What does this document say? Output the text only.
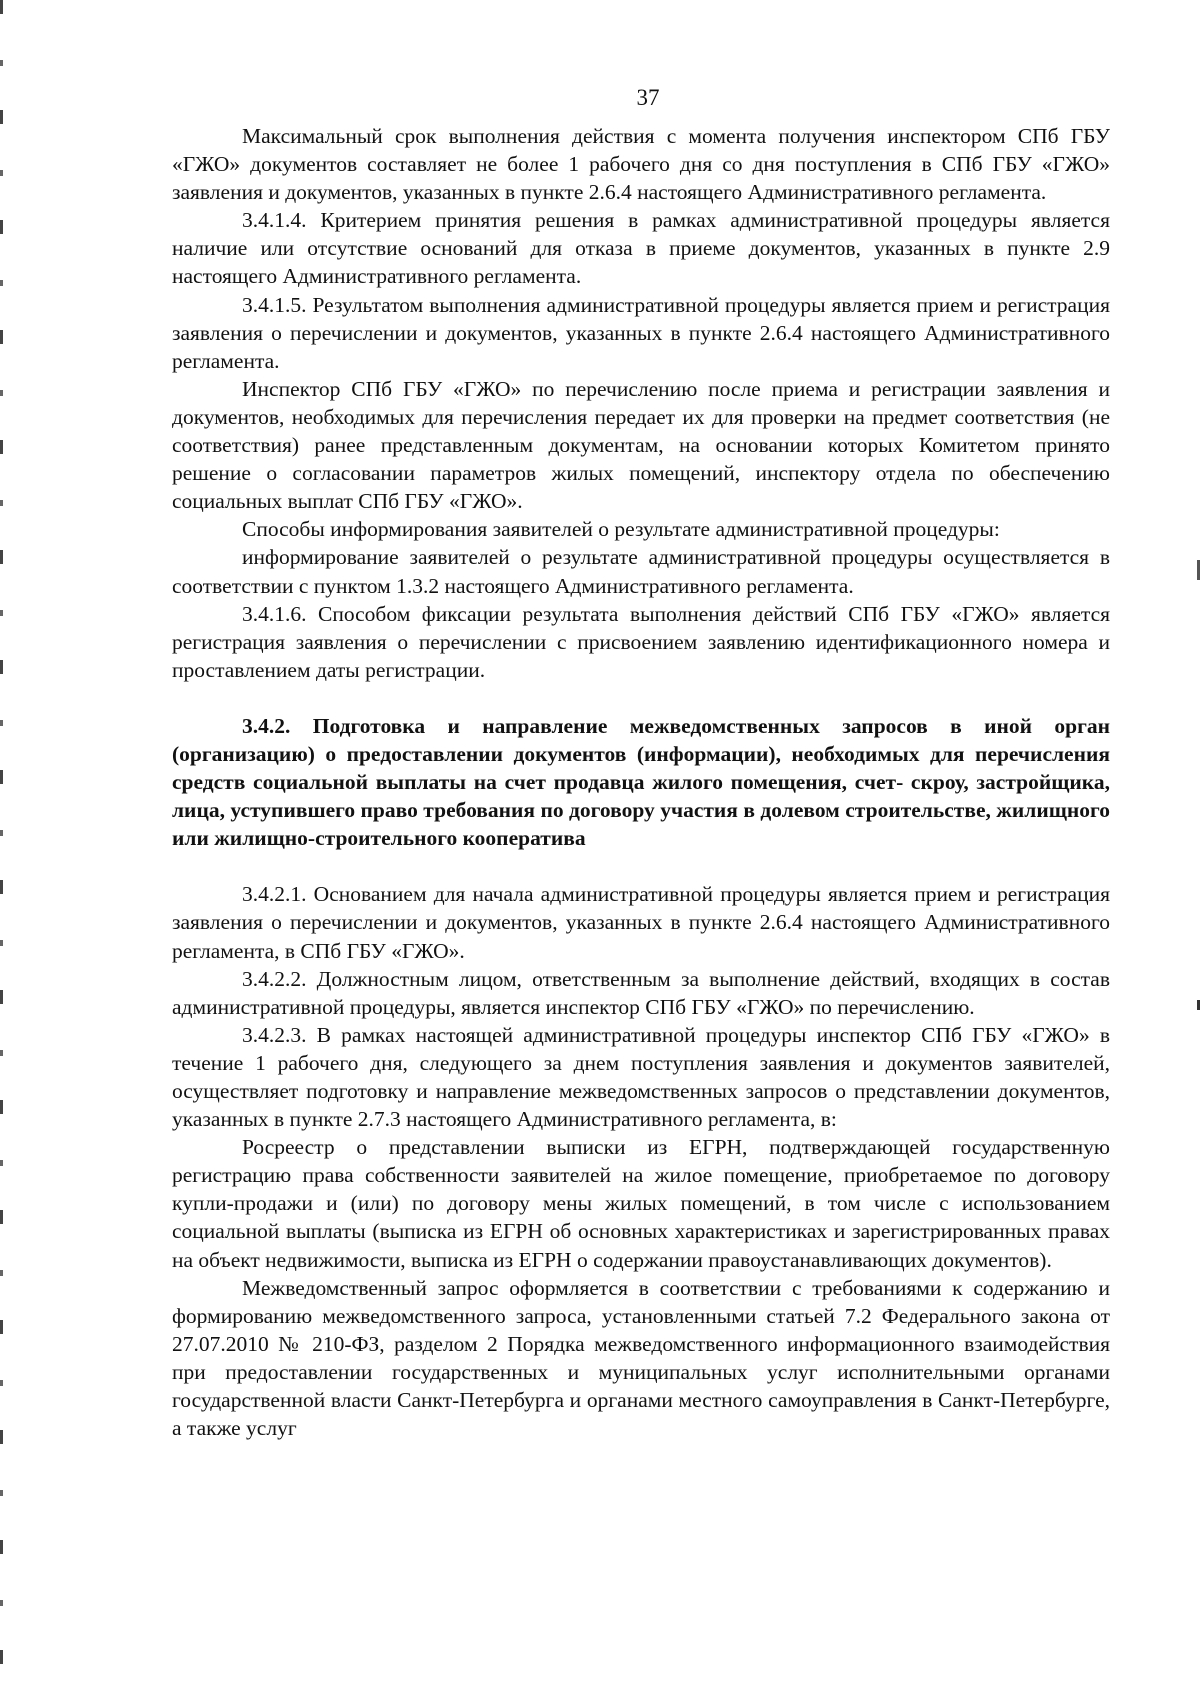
37

Максимальный срок выполнения действия с момента получения инспектором СПб ГБУ «ГЖО» документов составляет не более 1 рабочего дня со дня поступления в СПб ГБУ «ГЖО» заявления и документов, указанных в пункте 2.6.4 настоящего Административного регламента.

3.4.1.4. Критерием принятия решения в рамках административной процедуры является наличие или отсутствие оснований для отказа в приеме документов, указанных в пункте 2.9 настоящего Административного регламента.

3.4.1.5. Результатом выполнения административной процедуры является прием и регистрация заявления о перечислении и документов, указанных в пункте 2.6.4 настоящего Административного регламента.

Инспектор СПб ГБУ «ГЖО» по перечислению после приема и регистрации заявления и документов, необходимых для перечисления передает их для проверки на предмет соответствия (не соответствия) ранее представленным документам, на основании которых Комитетом принято решение о согласовании параметров жилых помещений, инспектору отдела по обеспечению социальных выплат СПб ГБУ «ГЖО».

Способы информирования заявителей о результате административной процедуры:

информирование заявителей о результате административной процедуры осуществляется в соответствии с пунктом 1.3.2 настоящего Административного регламента.

3.4.1.6. Способом фиксации результата выполнения действий СПб ГБУ «ГЖО» является регистрация заявления о перечислении с присвоением заявлению идентификационного номера и проставлением даты регистрации.

3.4.2. Подготовка и направление межведомственных запросов в иной орган (организацию) о предоставлении документов (информации), необходимых для перечисления средств социальной выплаты на счет продавца жилого помещения, счет- скроу, застройщика, лица, уступившего право требования по договору участия в долевом строительстве, жилищного или жилищно-строительного кооператива

3.4.2.1. Основанием для начала административной процедуры является прием и регистрация заявления о перечислении и документов, указанных в пункте 2.6.4 настоящего Административного регламента, в СПб ГБУ «ГЖО».

3.4.2.2. Должностным лицом, ответственным за выполнение действий, входящих в состав административной процедуры, является инспектор СПб ГБУ «ГЖО» по перечислению.

3.4.2.3. В рамках настоящей административной процедуры инспектор СПб ГБУ «ГЖО» в течение 1 рабочего дня, следующего за днем поступления заявления и документов заявителей, осуществляет подготовку и направление межведомственных запросов о представлении документов, указанных в пункте 2.7.3 настоящего Административного регламента, в:

Росреестр о представлении выписки из ЕГРН, подтверждающей государственную регистрацию права собственности заявителей на жилое помещение, приобретаемое по договору купли-продажи и (или) по договору мены жилых помещений, в том числе с использованием социальной выплаты (выписка из ЕГРН об основных характеристиках и зарегистрированных правах на объект недвижимости, выписка из ЕГРН о содержании правоустанавливающих документов).

Межведомственный запрос оформляется в соответствии с требованиями к содержанию и формированию межведомственного запроса, установленными статьей 7.2 Федерального закона от 27.07.2010 № 210-ФЗ, разделом 2 Порядка межведомственного информационного взаимодействия при предоставлении государственных и муниципальных услуг исполнительными органами государственной власти Санкт-Петербурга и органами местного самоуправления в Санкт-Петербурге, а также услуг
